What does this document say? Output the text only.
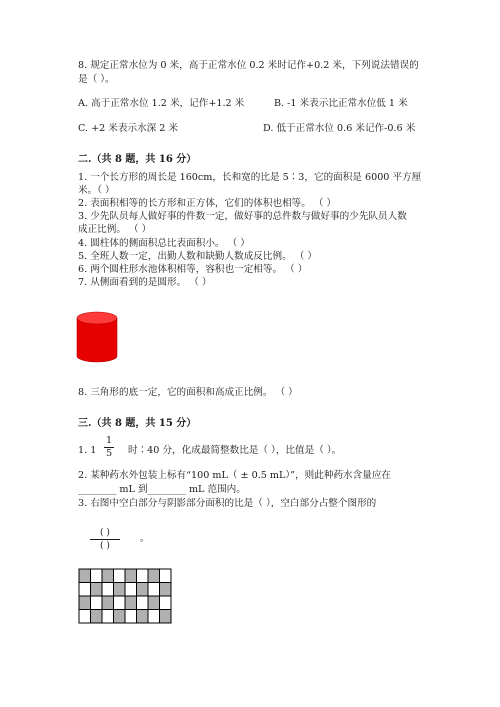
8. 规定正常水位为 0 米，高于正常水位 0.2 米时记作+0.2 米，下列说法错误的
是（ ）。
A. 高于正常水位 1.2 米，记作+1.2 米	B. -1 米表示比正常水位低 1 米
C. +2 米表示水深 2 米	D. 低于正常水位 0.6 米记作-0.6 米
二.（共 8 题，共 16 分）
1. 一个长方形的周长是 160cm，长和宽的比是 5∶3，它的面积是 6000 平方厘
米。（ ）
2. 表面积相等的长方形和正方体，它们的体积也相等。 （ ）
3. 少先队员每人做好事的件数一定，做好事的总件数与做好事的少先队员人数
成正比例。 （ ）
4. 圆柱体的侧面积总比表面积小。 （ ）
5. 全班人数一定，出勤人数和缺勤人数成反比例。 （ ）
6. 两个圆柱形水池体积相等，容积也一定相等。 （ ）
7. 从侧面看到的是圆形。 （ ）
8. 三角形的底一定，它的面积和高成正比例。 （ ）
三.（共 8 题，共 15 分）
1. 1
1
5	时∶40 分，化成最简整数比是（ ），比值是（ ）。
2. 某种药水外包装上标有“100 mL（ ± 0.5 mL）”，则此种药水含量应在
________ mL 到________ mL 范围内。
3. 右图中空白部分与阴影部分面积的比是（ ），空白部分占整个图形的
( )
( )
。
